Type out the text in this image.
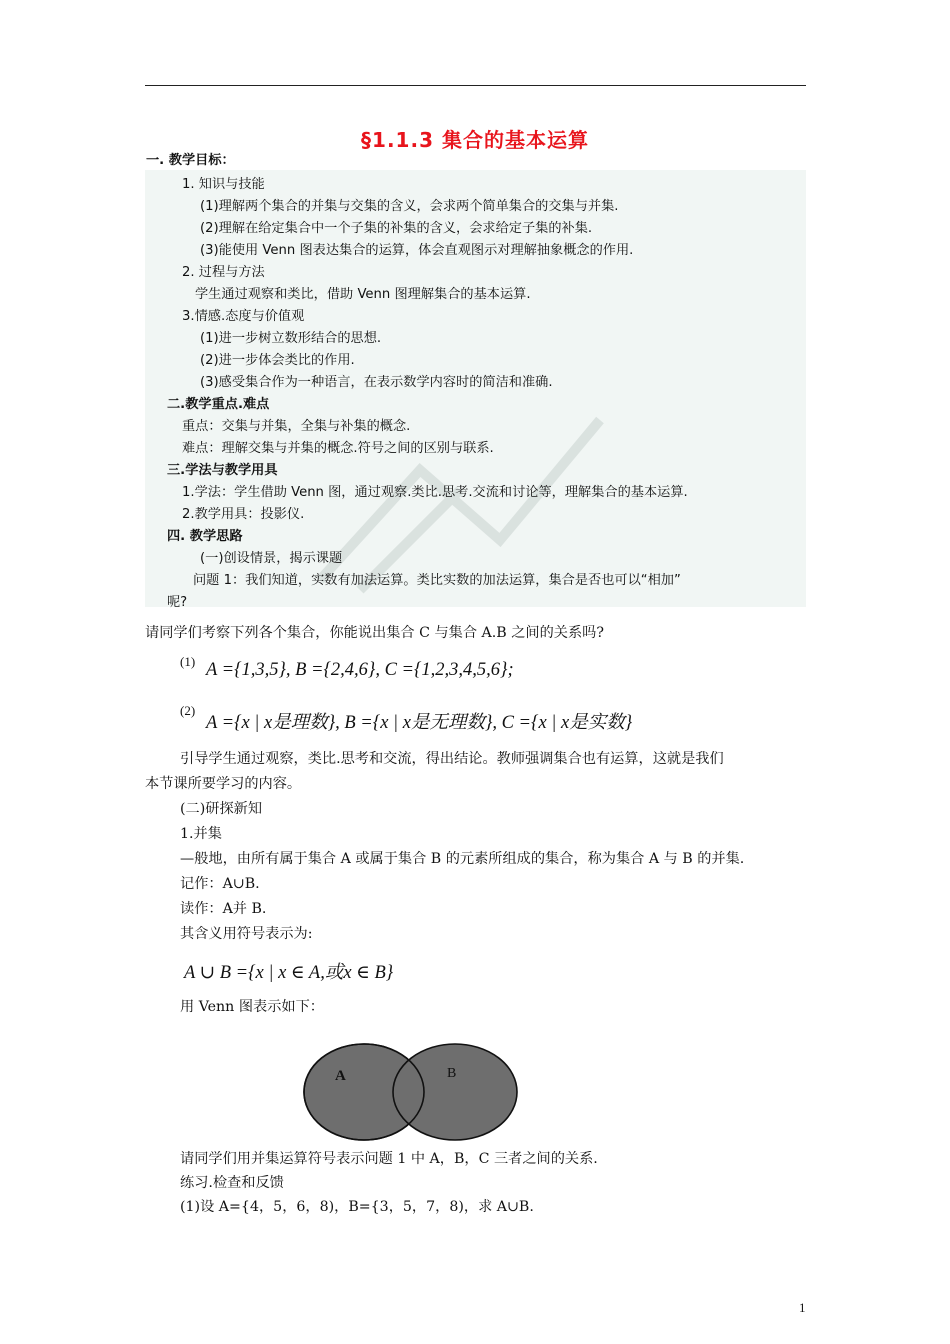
§1.1.3 集合的基本运算
一. 教学目标：
1. 知识与技能
(1)理解两个集合的并集与交集的含义，会求两个简单集合的交集与并集.
(2)理解在给定集合中一个子集的补集的含义，会求给定子集的补集.
(3)能使用 Venn 图表达集合的运算，体会直观图示对理解抽象概念的作用.
2. 过程与方法
学生通过观察和类比，借助 Venn 图理解集合的基本运算.
3.情感.态度与价值观
(1)进一步树立数形结合的思想.
(2)进一步体会类比的作用.
(3)感受集合作为一种语言，在表示数学内容时的简洁和准确.
二.教学重点.难点
重点：交集与并集，全集与补集的概念.
难点：理解交集与并集的概念.符号之间的区别与联系.
三.学法与教学用具
1.学法：学生借助 Venn 图，通过观察.类比.思考.交流和讨论等，理解集合的基本运算.
2.教学用具：投影仪.
四. 教学思路
(一)创设情景，揭示课题
问题 1：我们知道，实数有加法运算。类比实数的加法运算，集合是否也可以“相加”
呢?
请同学们考察下列各个集合，你能说出集合 C 与集合 A.B 之间的关系吗?
(1) A ={1,3,5}, B ={2,4,6}, C ={1,2,3,4,5,6};
(2)
A ={x | x是理数}, B ={x | x是无理数}, C ={x | x是实数}
引导学生通过观察，类比.思考和交流，得出结论。教师强调集合也有运算，这就是我们
本节课所要学习的内容。
(二)研探新知
1.并集
—般地，由所有属于集合 A 或属于集合 B 的元素所组成的集合，称为集合 A 与 B 的并集.
记作：A∪B.
读作：A并 B.
其含义用符号表示为:
A ∪ B ={x | x ∈ A,或x ∈ B}
用 Venn 图表示如下：
A	B
请同学们用并集运算符号表示问题 1 中 A，B，C 三者之间的关系.
练习.检查和反馈
(1)设 A={4，5，6，8)，B={3，5，7，8)，求 A∪B.
1
